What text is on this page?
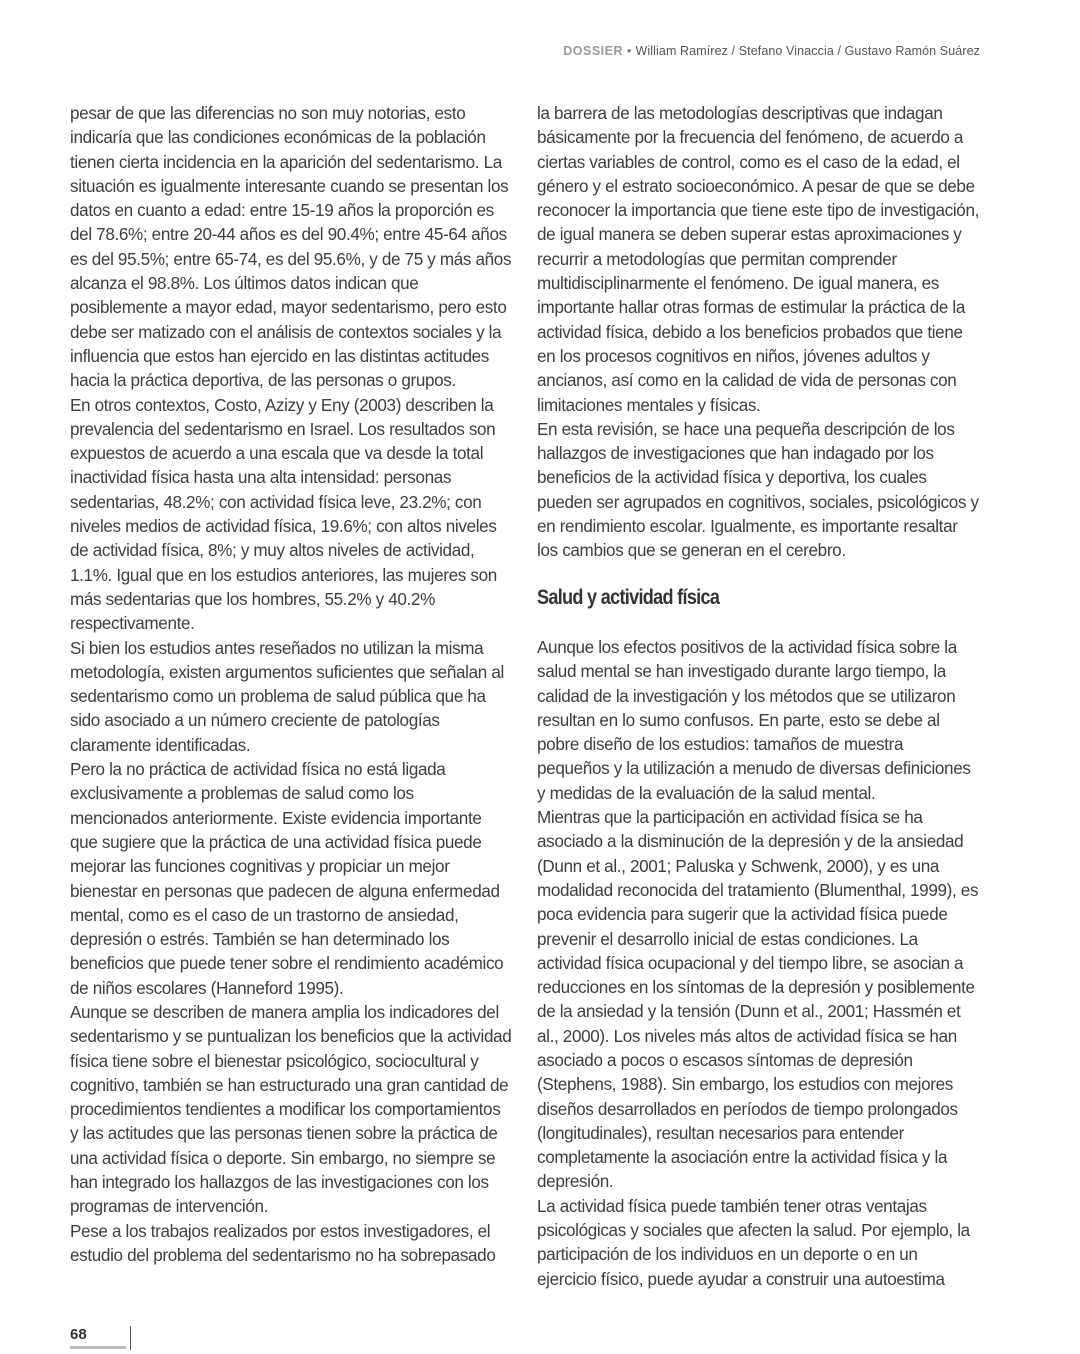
DOSSIER • William Ramírez / Stefano Vinaccia / Gustavo Ramón Suárez

pesar de que las diferencias no son muy notorias, esto indicaría que las condiciones económicas de la población tienen cierta incidencia en la aparición del sedentarismo. La situación es igualmente interesante cuando se presentan los datos en cuanto a edad: entre 15-19 años la proporción es del 78.6%; entre 20-44 años es del 90.4%; entre 45-64 años es del 95.5%; entre 65-74, es del 95.6%, y de 75 y más años alcanza el 98.8%. Los últimos datos indican que posiblemente a mayor edad, mayor sedentarismo, pero esto debe ser matizado con el análisis de contextos sociales y la influencia que estos han ejercido en las distintas actitudes hacia la práctica deportiva, de las personas o grupos.

En otros contextos, Costo, Azizy y Eny (2003) describen la prevalencia del sedentarismo en Israel. Los resultados son expuestos de acuerdo a una escala que va desde la total inactividad física hasta una alta intensidad: personas sedentarias, 48.2%; con actividad física leve, 23.2%; con niveles medios de actividad física, 19.6%; con altos niveles de actividad física, 8%; y muy altos niveles de actividad, 1.1%. Igual que en los estudios anteriores, las mujeres son más sedentarias que los hombres, 55.2% y 40.2% respectivamente.

Si bien los estudios antes reseñados no utilizan la misma metodología, existen argumentos suficientes que señalan al sedentarismo como un problema de salud pública que ha sido asociado a un número creciente de patologías claramente identificadas.

Pero la no práctica de actividad física no está ligada exclusivamente a problemas de salud como los mencionados anteriormente. Existe evidencia importante que sugiere que la práctica de una actividad física puede mejorar las funciones cognitivas y propiciar un mejor bienestar en personas que padecen de alguna enfermedad mental, como es el caso de un trastorno de ansiedad, depresión o estrés. También se han determinado los beneficios que puede tener sobre el rendimiento académico de niños escolares (Hanneford 1995).

Aunque se describen de manera amplia los indicadores del sedentarismo y se puntualizan los beneficios que la actividad física tiene sobre el bienestar psicológico, sociocultural y cognitivo, también se han estructurado una gran cantidad de procedimientos tendientes a modificar los comportamientos y las actitudes que las personas tienen sobre la práctica de una actividad física o deporte. Sin embargo, no siempre se han integrado los hallazgos de las investigaciones con los programas de intervención.

Pese a los trabajos realizados por estos investigadores, el estudio del problema del sedentarismo no ha sobrepasado

la barrera de las metodologías descriptivas que indagan básicamente por la frecuencia del fenómeno, de acuerdo a ciertas variables de control, como es el caso de la edad, el género y el estrato socioeconómico. A pesar de que se debe reconocer la importancia que tiene este tipo de investigación, de igual manera se deben superar estas aproximaciones y recurrir a metodologías que permitan comprender multidisciplinarmente el fenómeno. De igual manera, es importante hallar otras formas de estimular la práctica de la actividad física, debido a los beneficios probados que tiene en los procesos cognitivos en niños, jóvenes adultos y ancianos, así como en la calidad de vida de personas con limitaciones mentales y físicas.

En esta revisión, se hace una pequeña descripción de los hallazgos de investigaciones que han indagado por los beneficios de la actividad física y deportiva, los cuales pueden ser agrupados en cognitivos, sociales, psicológicos y en rendimiento escolar. Igualmente, es importante resaltar los cambios que se generan en el cerebro.

Salud y actividad física

Aunque los efectos positivos de la actividad física sobre la salud mental se han investigado durante largo tiempo, la calidad de la investigación y los métodos que se utilizaron resultan en lo sumo confusos. En parte, esto se debe al pobre diseño de los estudios: tamaños de muestra pequeños y la utilización a menudo de diversas definiciones y medidas de la evaluación de la salud mental.

Mientras que la participación en actividad física se ha asociado a la disminución de la depresión y de la ansiedad (Dunn et al., 2001; Paluska y Schwenk, 2000), y es una modalidad reconocida del tratamiento (Blumenthal, 1999), es poca evidencia para sugerir que la actividad física puede prevenir el desarrollo inicial de estas condiciones. La actividad física ocupacional y del tiempo libre, se asocian a reducciones en los síntomas de la depresión y posiblemente de la ansiedad y la tensión (Dunn et al., 2001; Hassmén et al., 2000). Los niveles más altos de actividad física se han asociado a pocos o escasos síntomas de depresión (Stephens, 1988). Sin embargo, los estudios con mejores diseños desarrollados en períodos de tiempo prolongados (longitudinales), resultan necesarios para entender completamente la asociación entre la actividad física y la depresión.

La actividad física puede también tener otras ventajas psicológicas y sociales que afecten la salud. Por ejemplo, la participación de los individuos en un deporte o en un ejercicio físico, puede ayudar a construir una autoestima

68
